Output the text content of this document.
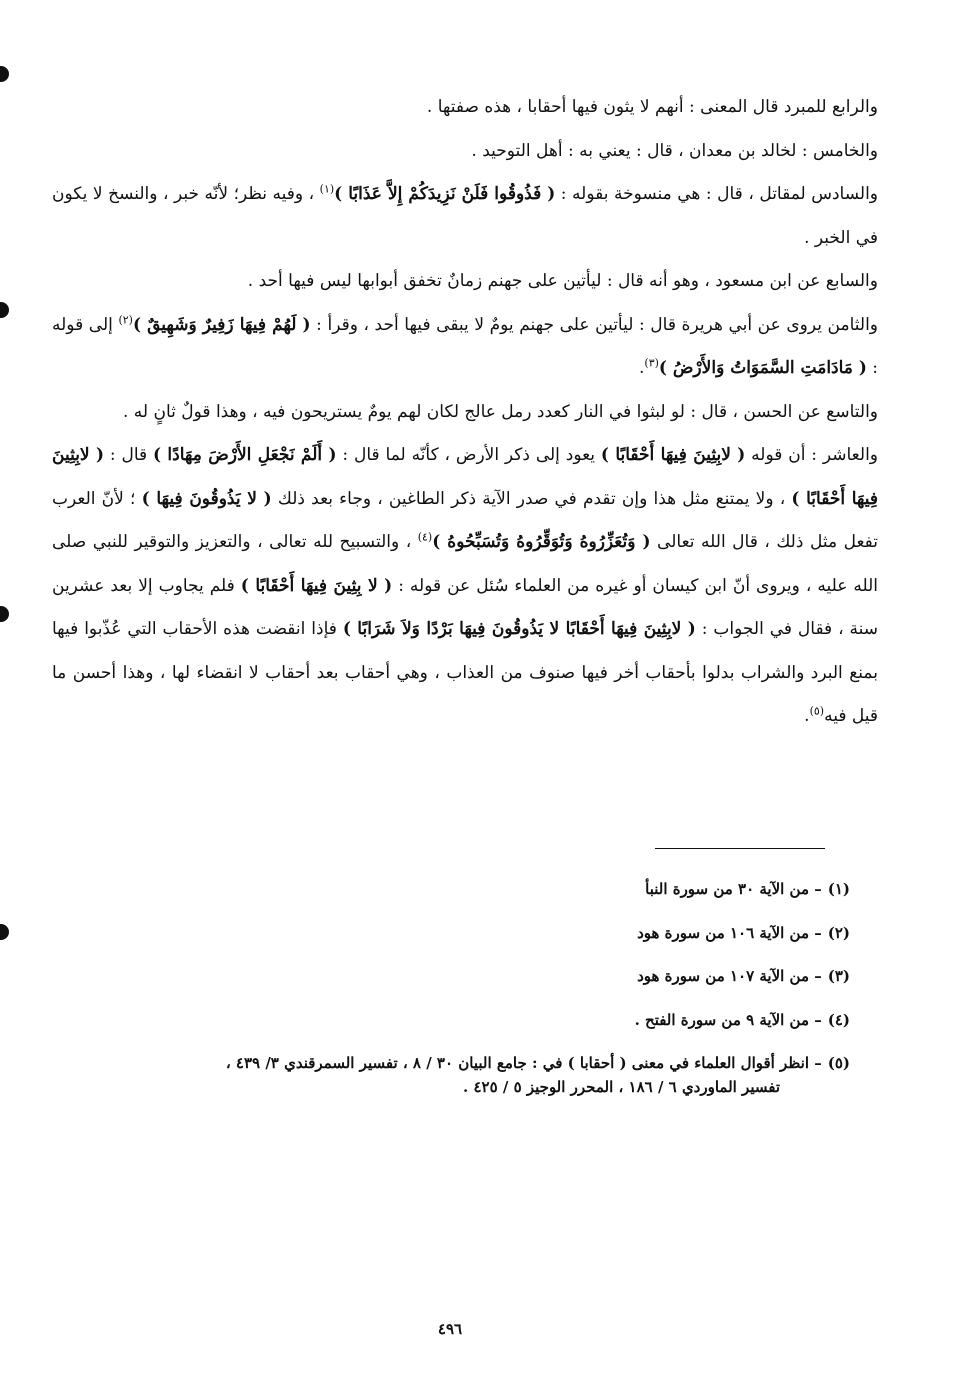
والرابع للمبرد قال المعنى : أنهم لا يثون فيها أحقابا ، هذه صفتها .

والخامس : لخالد بن معدان ، قال : يعني به : أهل التوحيد .

والسادس لمقاتل ، قال : هي منسوخة بقوله : ( فَذُوقُوا فَلَنْ نَزِيدَكُمْ إِلاَّ عَذَابًا )$^{(١)}$ ، وفيه نظر؛ لأنّه خبر ، والنسخ لا يكون في الخبر .

والسابع عن ابن مسعود ، وهو أنه قال : ليأتين على جهنم زمانٌ تخفق أبوابها ليس فيها أحد .

والثامن يروى عن أبي هريرة قال : ليأتين على جهنم يومٌ لا يبقى فيها أحد ، وقرأ : ( لَهُمْ فِيهَا زَفِيرٌ وَشَهِيقٌ )$^{(٢)}$ إلى قوله : ( مَادَامَتِ السَّمَوَاتُ وَالأَرْضُ )$^{(٣)}$.

والتاسع عن الحسن ، قال : لو لبثوا في النار كعدد رمل عالج لكان لهم يومٌ يستريحون فيه ، وهذا قولٌ ثانٍ له .

والعاشر : أن قوله ( لابِثِينَ فِيهَا أَحْقَابًا ) يعود إلى ذكر الأرض ، كأنّه لما قال : ( أَلَمْ نَجْعَلِ الأَرْضَ مِهَادًا ) قال : ( لابِثِينَ فِيهَا أَحْقَابًا ) ، ولا يمتنع مثل هذا وإن تقدم في صدر الآية ذكر الطاغين ، وجاء بعد ذلك ( لا يَذُوقُونَ فِيهَا ) ؛ لأنّ العرب تفعل مثل ذلك ، قال الله تعالى ( وَتُعَزِّرُوهُ وَتُوَقِّرُوهُ وَتُسَبِّحُوهُ )$^{(٤)}$ ، والتسبيح لله تعالى ، والتعزيز والتوقير للنبي صلى الله عليه ، ويروى أنّ ابن كيسان أو غيره من العلماء سُئل عن قوله : ( لا بِثِينَ فِيهَا أَحْقَابًا ) فلم يجاوب إلا بعد عشرين سنة ، فقال في الجواب : ( لابِثِينَ فِيهَا أَحْقَابًا لا يَذُوقُونَ فِيهَا بَرْدًا وَلاَ شَرَابًا ) فإذا انقضت هذه الأحقاب التي عُذّبوا فيها بمنع البرد والشراب بدلوا بأحقاب أخر فيها صنوف من العذاب ، وهي أحقاب بعد أحقاب لا انقضاء لها ، وهذا أحسن ما قيل فيه$^{(٥)}$.

(١)– من الآية ٣٠ من سورة النبأ

(٢)– من الآية ١٠٦ من سورة هود

(٣)– من الآية ١٠٧ من سورة هود

(٤)– من الآية ٩ من سورة الفتح .

(٥)– انظر أقوال العلماء في معنى ( أحقابا ) في : جامع البيان ٣٠ / ٨ ، تفسير السمرقندي ٣/ ٤٣٩ ،

تفسير الماوردي ٦ / ١٨٦ ، المحرر الوجيز ٥ / ٤٢٥ .

٤٩٦
